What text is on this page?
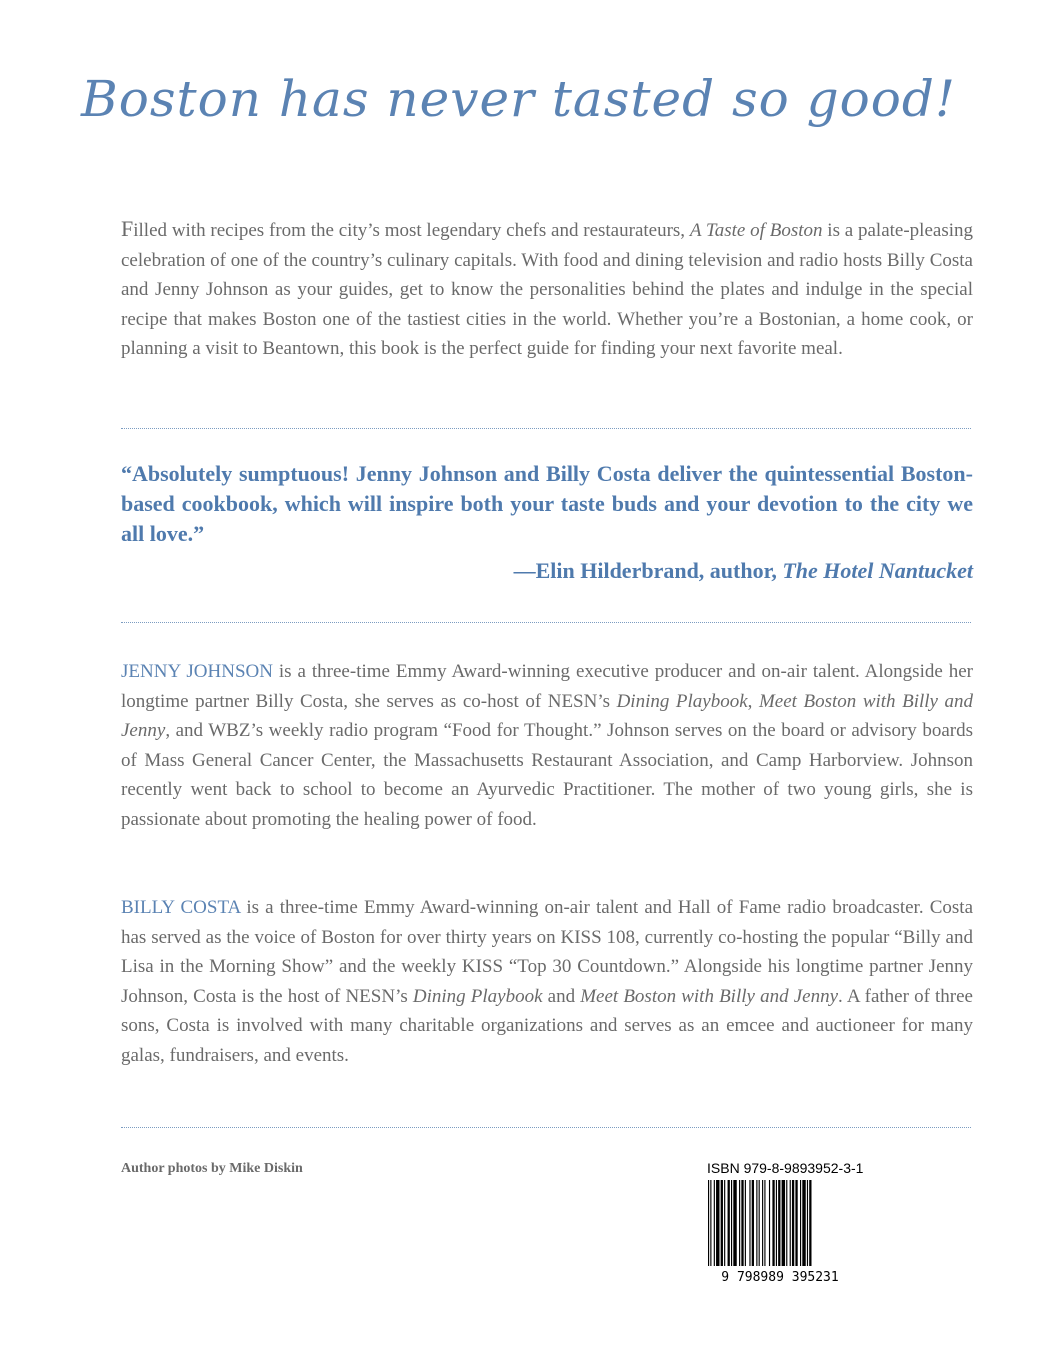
Boston has never tasted so good!

Filled with recipes from the city’s most legendary chefs and restaurateurs, A Taste of Boston is a palate-pleasing celebration of one of the country’s culinary capitals. With food and dining television and radio hosts Billy Costa and Jenny Johnson as your guides, get to know the personalities behind the plates and indulge in the special recipe that makes Boston one of the tastiest cities in the world. Whether you’re a Bostonian, a home cook, or planning a visit to Beantown, this book is the perfect guide for finding your next favorite meal.

“Absolutely sumptuous! Jenny Johnson and Billy Costa deliver the quintessential Boston-based cookbook, which will inspire both your taste buds and your devotion to the city we all love.”

—Elin Hilderbrand, author, The Hotel Nantucket

JENNY JOHNSON is a three-time Emmy Award-winning executive producer and on-air talent. Alongside her longtime partner Billy Costa, she serves as co-host of NESN’s Dining Playbook, Meet Boston with Billy and Jenny, and WBZ’s weekly radio program “Food for Thought.” Johnson serves on the board or advisory boards of Mass General Cancer Center, the Massachusetts Restaurant Association, and Camp Harborview. Johnson recently went back to school to become an Ayurvedic Practitioner. The mother of two young girls, she is passionate about promoting the healing power of food.

BILLY COSTA is a three-time Emmy Award-winning on-air talent and Hall of Fame radio broadcaster. Costa has served as the voice of Boston for over thirty years on KISS 108, currently co-hosting the popular “Billy and Lisa in the Morning Show” and the weekly KISS “Top 30 Countdown.” Alongside his longtime partner Jenny Johnson, Costa is the host of NESN’s Dining Playbook and Meet Boston with Billy and Jenny. A father of three sons, Costa is involved with many charitable organizations and serves as an emcee and auctioneer for many galas, fundraisers, and events.

Author photos by Mike Diskin	ISBN 979-8-9893952-3-1
9 798989 395231
